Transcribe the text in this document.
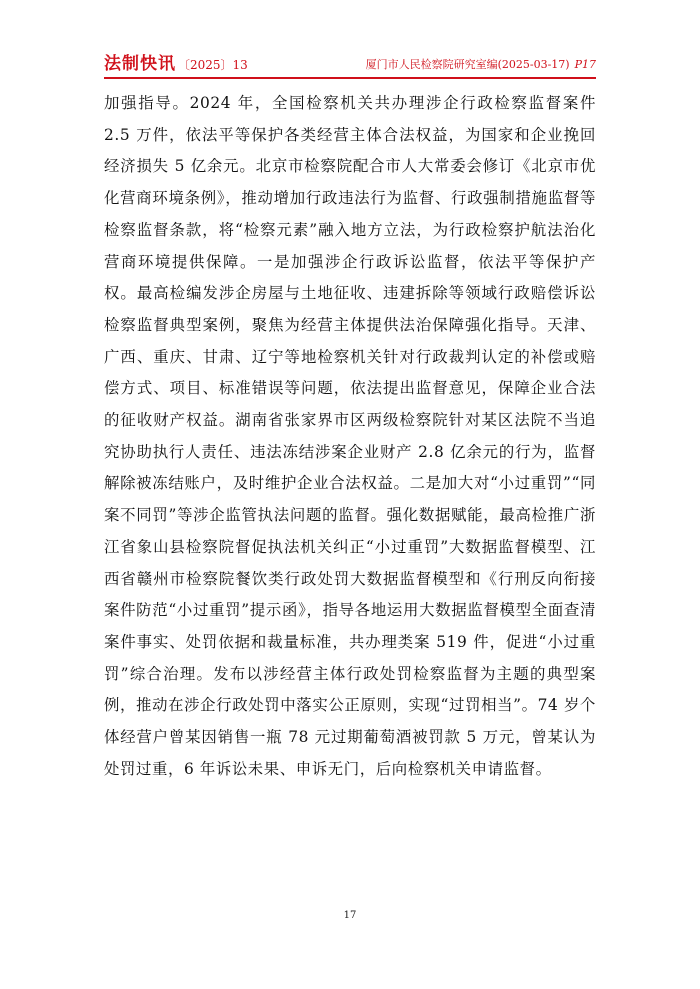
法制快讯 〔2025〕13	厦门市人民检察院研究室编(2025-03-17) P17

加强指导。2024 年，全国检察机关共办理涉企行政检察监督案件 2.5 万件，依法平等保护各类经营主体合法权益，为国家和企业挽回经济损失 5 亿余元。北京市检察院配合市人大常委会修订《北京市优化营商环境条例》，推动增加行政违法行为监督、行政强制措施监督等检察监督条款，将“检察元素”融入地方立法，为行政检察护航法治化营商环境提供保障。一是加强涉企行政诉讼监督，依法平等保护产权。最高检编发涉企房屋与土地征收、违建拆除等领域行政赔偿诉讼检察监督典型案例，聚焦为经营主体提供法治保障强化指导。天津、广西、重庆、甘肃、辽宁等地检察机关针对行政裁判认定的补偿或赔偿方式、项目、标准错误等问题，依法提出监督意见，保障企业合法的征收财产权益。湖南省张家界市区两级检察院针对某区法院不当追究协助执行人责任、违法冻结涉案企业财产 2.8 亿余元的行为，监督解除被冻结账户，及时维护企业合法权益。二是加大对“小过重罚”“同案不同罚”等涉企监管执法问题的监督。强化数据赋能，最高检推广浙江省象山县检察院督促执法机关纠正“小过重罚”大数据监督模型、江西省赣州市检察院餐饮类行政处罚大数据监督模型和《行刑反向衔接案件防范“小过重罚”提示函》，指导各地运用大数据监督模型全面查清案件事实、处罚依据和裁量标准，共办理类案 519 件，促进“小过重罚”综合治理。发布以涉经营主体行政处罚检察监督为主题的典型案例，推动在涉企行政处罚中落实公正原则，实现“过罚相当”。74 岁个体经营户曾某因销售一瓶 78 元过期葡萄酒被罚款 5 万元，曾某认为处罚过重，6 年诉讼未果、申诉无门，后向检察机关申请监督。

17
